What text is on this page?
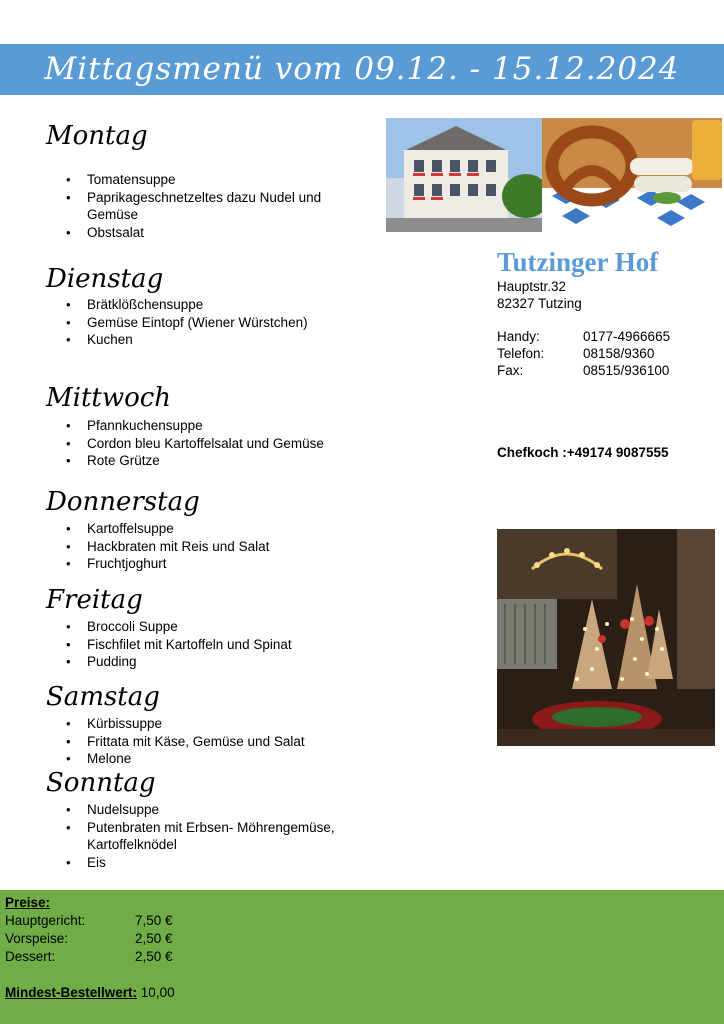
Mittagsmenü vom 09.12. - 15.12.2024
Montag
• Tomatensuppe
• Paprikageschnetzeltes dazu Nudel und Gemüse
• Obstsalat
Dienstag
• Brätklößchensuppe
• Gemüse Eintopf (Wiener Würstchen)
• Kuchen
Mittwoch
• Pfannkuchensuppe
• Cordon bleu Kartoffelsalat und Gemüse
• Rote Grütze
Donnerstag
• Kartoffelsuppe
• Hackbraten mit Reis und Salat
• Fruchtjoghurt
Freitag
• Broccoli Suppe
• Fischfilet mit Kartoffeln und Spinat
• Pudding
Samstag
• Kürbissuppe
• Frittata mit Käse, Gemüse und Salat
• Melone
Sonntag
• Nudelsuppe
• Putenbraten mit Erbsen- Möhrengemüse, Kartoffelknödel
• Eis
Tutzinger Hof
Hauptstr.32
82327 Tutzing
Handy:	0177-4966665
Telefon:	08158/9360
Fax:	08515/936100
Chefkoch :+49174 9087555
Preise:
Hauptgericht:	7,50 €
Vorspeise:	2,50 €
Dessert:	2,50 €
Mindest-Bestellwert: 10,00
